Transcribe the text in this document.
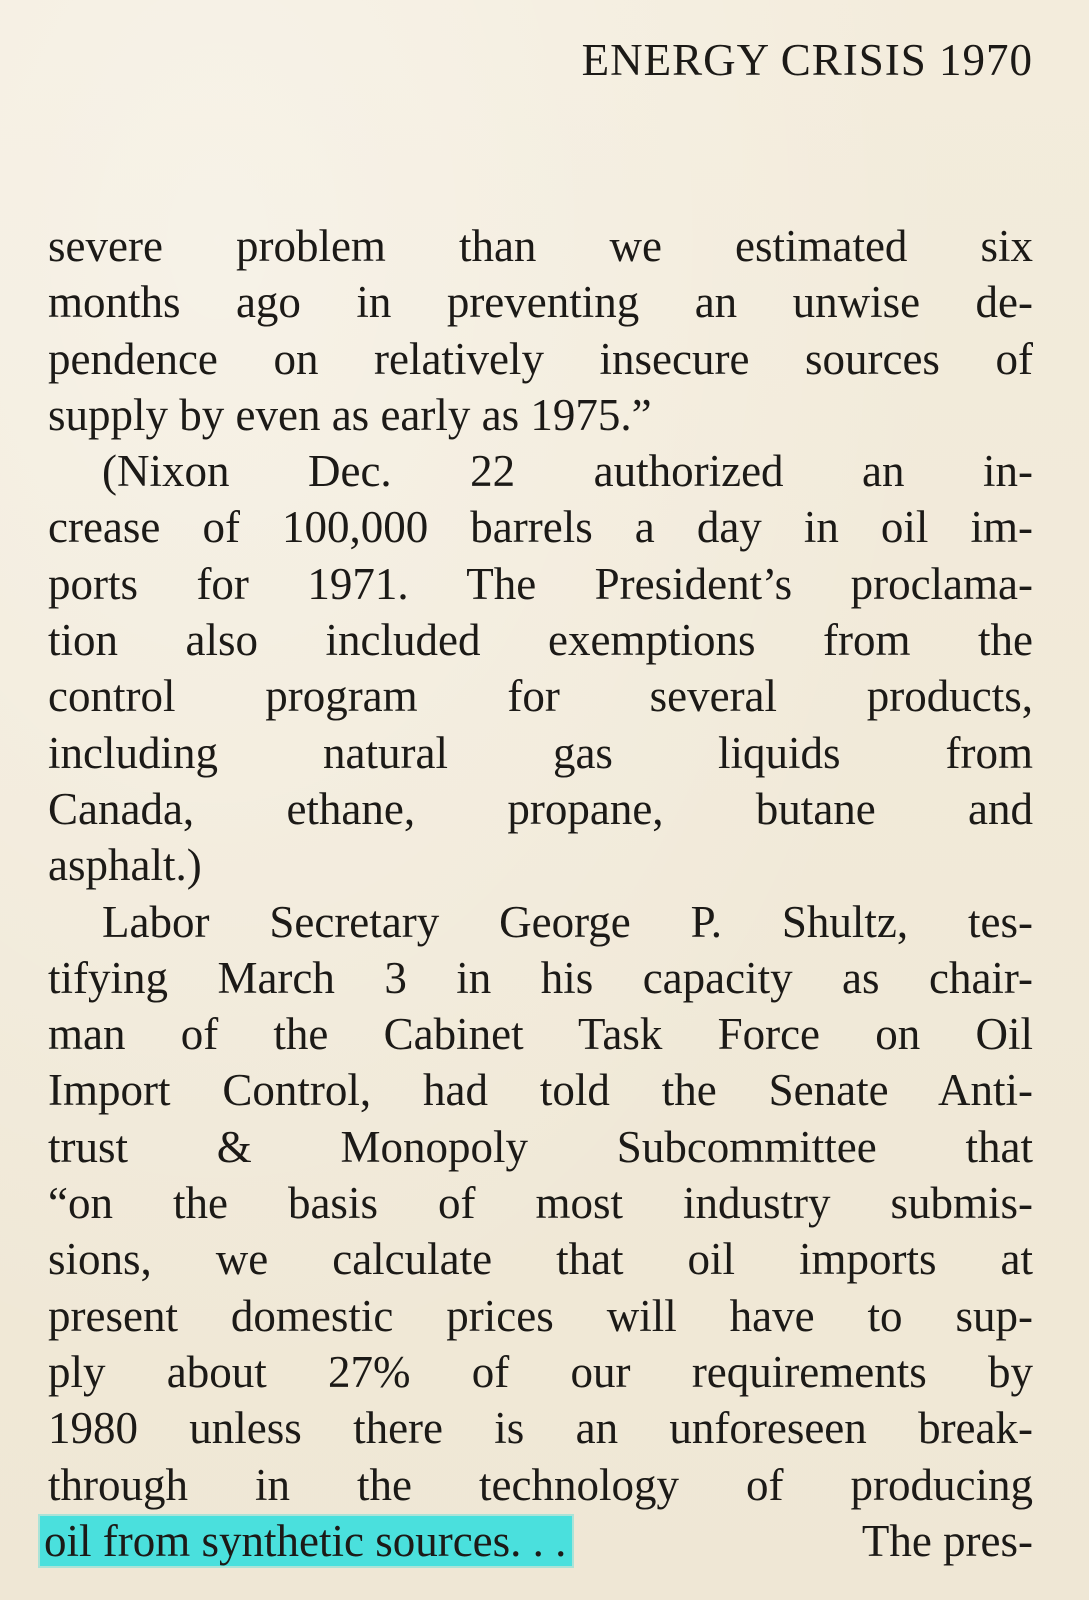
ENERGY CRISIS 1970
severe problem than we estimated six
months ago in preventing an unwise de-
pendence on relatively insecure sources of
supply by even as early as 1975.”
(Nixon Dec. 22 authorized an in-
crease of 100,000 barrels a day in oil im-
ports for 1971. The President’s proclama-
tion also included exemptions from the
control program for several products,
including natural gas liquids from
Canada, ethane, propane, butane and
asphalt.)
Labor Secretary George P. Shultz, tes-
tifying March 3 in his capacity as chair-
man of the Cabinet Task Force on Oil
Import Control, had told the Senate Anti-
trust & Monopoly Subcommittee that
“on the basis of most industry submis-
sions, we calculate that oil imports at
present domestic prices will have to sup-
ply about 27% of our requirements by
1980 unless there is an unforeseen break-
through in the technology of producing
oil from synthetic sources. . .	The pres-
